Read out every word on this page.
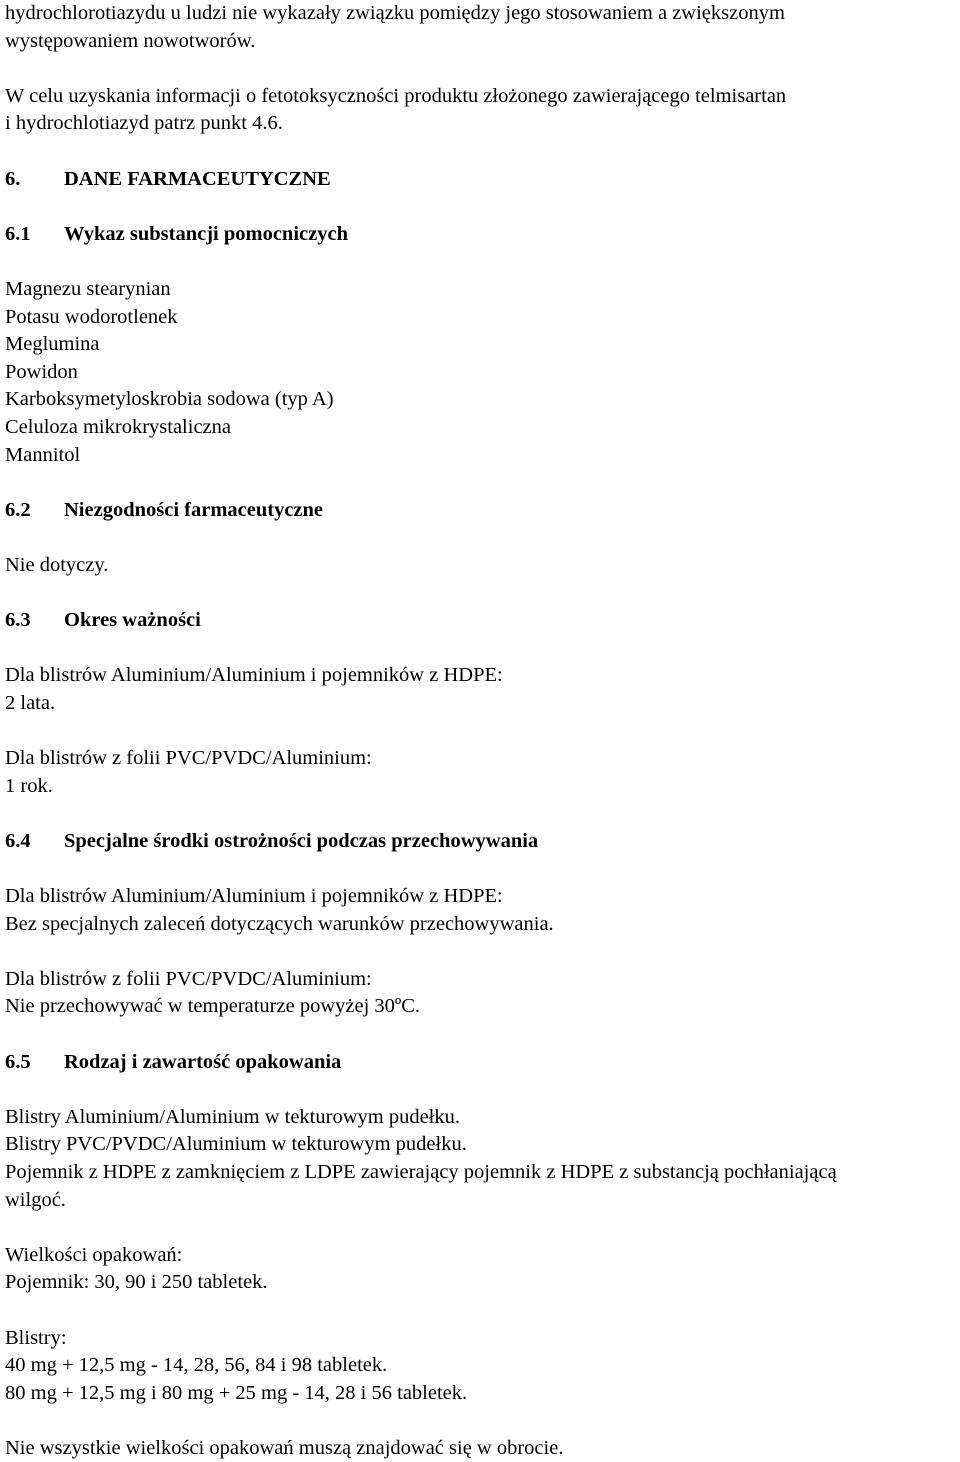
hydrochlorotiazydu u ludzi nie wykazały związku pomiędzy jego stosowaniem a zwiększonym
występowaniem nowotworów.
W celu uzyskania informacji o fetotoksyczności produktu złożonego zawierającego telmisartan
i hydrochlotiazyd patrz punkt 4.6.
6. DANE FARMACEUTYCZNE
6.1 Wykaz substancji pomocniczych
Magnezu stearynian
Potasu wodorotlenek
Meglumina
Powidon
Karboksymetyloskrobia sodowa (typ A)
Celuloza mikrokrystaliczna
Mannitol
6.2 Niezgodności farmaceutyczne
Nie dotyczy.
6.3 Okres ważności
Dla blistrów Aluminium/Aluminium i pojemników z HDPE:
2 lata.
Dla blistrów z folii PVC/PVDC/Aluminium:
1 rok.
6.4 Specjalne środki ostrożności podczas przechowywania
Dla blistrów Aluminium/Aluminium i pojemników z HDPE:
Bez specjalnych zaleceń dotyczących warunków przechowywania.
Dla blistrów z folii PVC/PVDC/Aluminium:
Nie przechowywać w temperaturze powyżej 30ºC.
6.5 Rodzaj i zawartość opakowania
Blistry Aluminium/Aluminium w tekturowym pudełku.
Blistry PVC/PVDC/Aluminium w tekturowym pudełku.
Pojemnik z HDPE z zamknięciem z LDPE zawierający pojemnik z HDPE z substancją pochłaniającą
wilgoć.
Wielkości opakowań:
Pojemnik: 30, 90 i 250 tabletek.
Blistry:
40 mg + 12,5 mg - 14, 28, 56, 84 i 98 tabletek.
80 mg + 12,5 mg i 80 mg + 25 mg - 14, 28 i 56 tabletek.
Nie wszystkie wielkości opakowań muszą znajdować się w obrocie.
